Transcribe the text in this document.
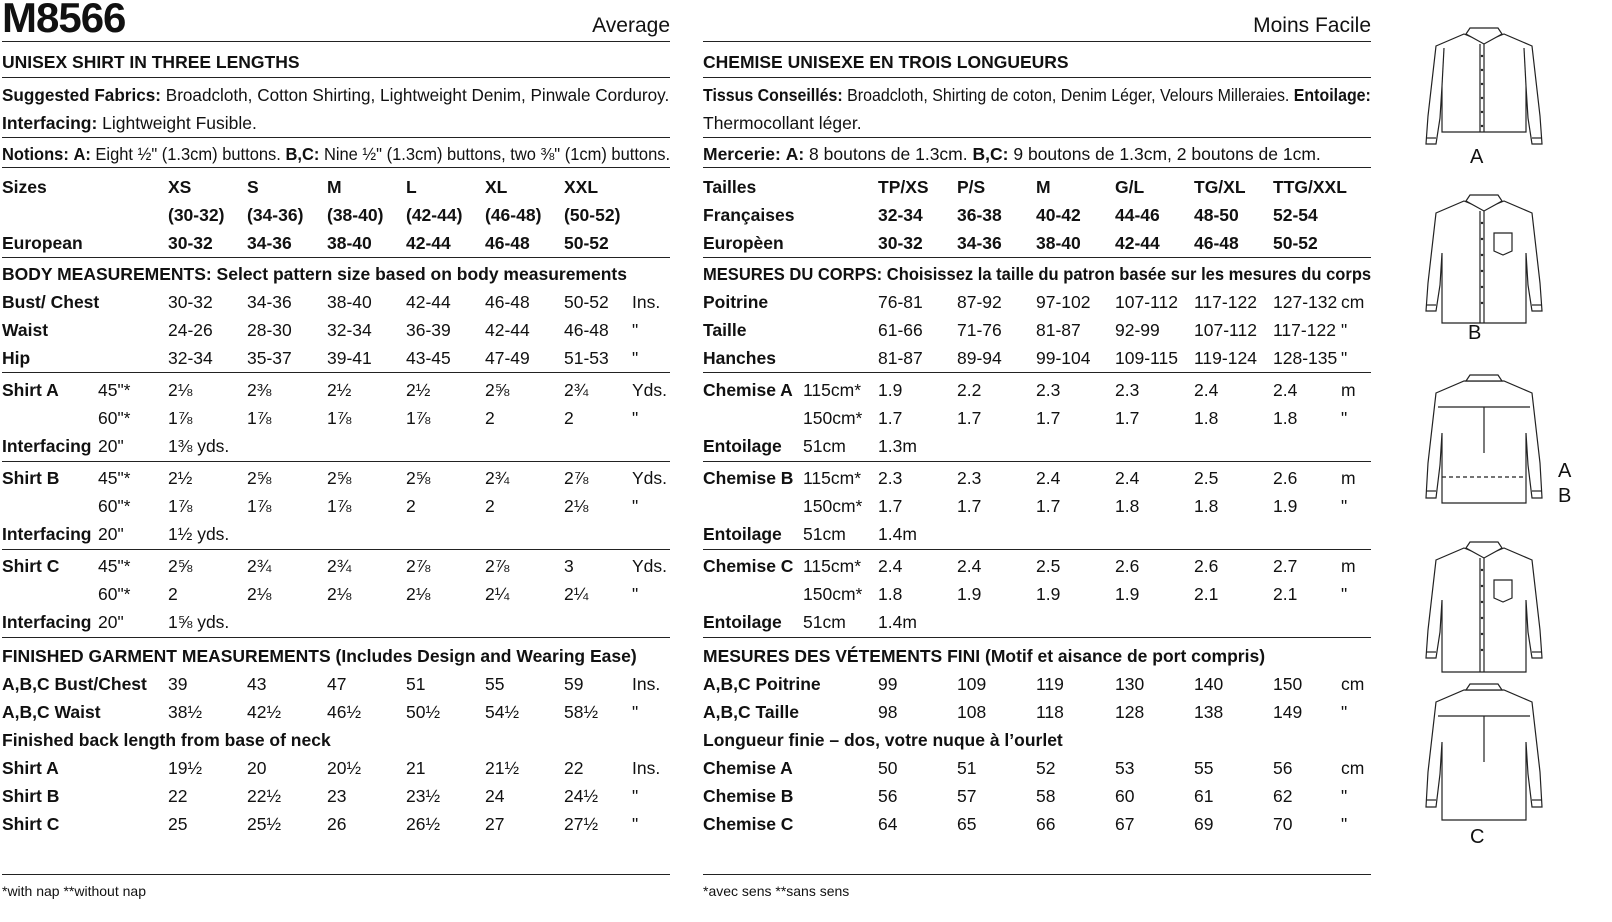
M8566	Average
UNISEX SHIRT IN THREE LENGTHS
Suggested Fabrics: Broadcloth, Cotton Shirting, Lightweight Denim, Pinwale Corduroy.
Interfacing: Lightweight Fusible.
Notions: A: Eight ½" (1.3cm) buttons. B,C: Nine ½" (1.3cm) buttons, two ⅜" (1cm) buttons.
Sizes	XS	S	M	L	XL	XXL
(30-32) (34-36) (38-40) (42-44) (46-48) (50-52)
European	30-32 34-36 38-40 42-44 46-48 50-52
BODY MEASUREMENTS: Select pattern size based on body measurements
Bust/ Chest	30-32 34-36 38-40 42-44 46-48 50-52 Ins.
Waist	24-26 28-30 32-34 36-39 42-44 46-48 "
Hip	32-34 35-37 39-41 43-45 47-49 51-53 "
Shirt A 45"* 2⅛	2⅜	2½	2½	2⅝	2¾ Yds.
60"* 1⅞	1⅞	1⅞	1⅞	2	2	"
Interfacing 20"	1⅜ yds.
Shirt B 45"* 2½	2⅝	2⅝	2⅝	2¾	2⅞ Yds.
60"* 1⅞	1⅞	1⅞	2	2	2⅛ "
Interfacing 20"	1½ yds.
Shirt C 45"* 2⅝	2¾	2¾	2⅞	2⅞	3	Yds.
60"* 2	2⅛	2⅛	2⅛	2¼	2¼ "
Interfacing 20"	1⅝ yds.
FINISHED GARMENT MEASUREMENTS (Includes Design and Wearing Ease)
A,B,C Bust/Chest 39	43	47	51	55	59	Ins.
A,B,C Waist	38½	42½	46½	50½	54½	58½ "
Finished back length from base of neck
Shirt A	19½	20	20½	21	21½	22	Ins.
Shirt B	22	22½	23	23½	24	24½ "
Shirt C	25	25½	26	26½	27	27½ "
*with nap **without nap
Moins Facile
CHEMISE UNISEXE EN TROIS LONGUEURS
Tissus Conseillés: Broadcloth, Shirting de coton, Denim Léger, Velours Milleraies. Entoilage:
Thermocollant léger.
Mercerie: A: 8 boutons de 1.3cm. B,C: 9 boutons de 1.3cm, 2 boutons de 1cm.
Tailles	TP/XS P/S	M	G/L	TG/XL TTG/XXL
Françaises	32-34 36-38 40-42 44-46 48-50 52-54
Europèen	30-32 34-36 38-40 42-44 46-48 50-52
MESURES DU CORPS: Choisissez la taille du patron basée sur les mesures du corps
Poitrine	76-81 87-92 97-102 107-112 117-122 127-132 cm
Taille	61-66 71-76 81-87 92-99 107-112 117-122 "
Hanches	81-87 89-94 99-104 109-115 119-124 128-135 "
Chemise A 115cm* 1.9	2.2	2.3	2.3	2.4	2.4 m
150cm* 1.7	1.7	1.7	1.7	1.8	1.8 "
Entoilage 51cm 1.3m
Chemise B 115cm* 2.3	2.3	2.4	2.4	2.5	2.6 m
150cm* 1.7	1.7	1.7	1.8	1.8	1.9 "
Entoilage 51cm 1.4m
Chemise C 115cm* 2.4	2.4	2.5	2.6	2.6	2.7 m
150cm* 1.8	1.9	1.9	1.9	2.1	2.1 "
Entoilage 51cm 1.4m
MESURES DES VÉTEMENTS FINI (Motif et aisance de port compris)
A,B,C Poitrine	99	109	119	130	140	150 cm
A,B,C Taille	98	108	118	128	138	149 "
Longueur finie – dos, votre nuque à l’ourlet
Chemise A	50	51	52	53	55	56	cm
Chemise B	56	57	58	60	61	62	"
Chemise C	64	65	66	67	69	70	"
*avec sens **sans sens
A
B
A
B
C
